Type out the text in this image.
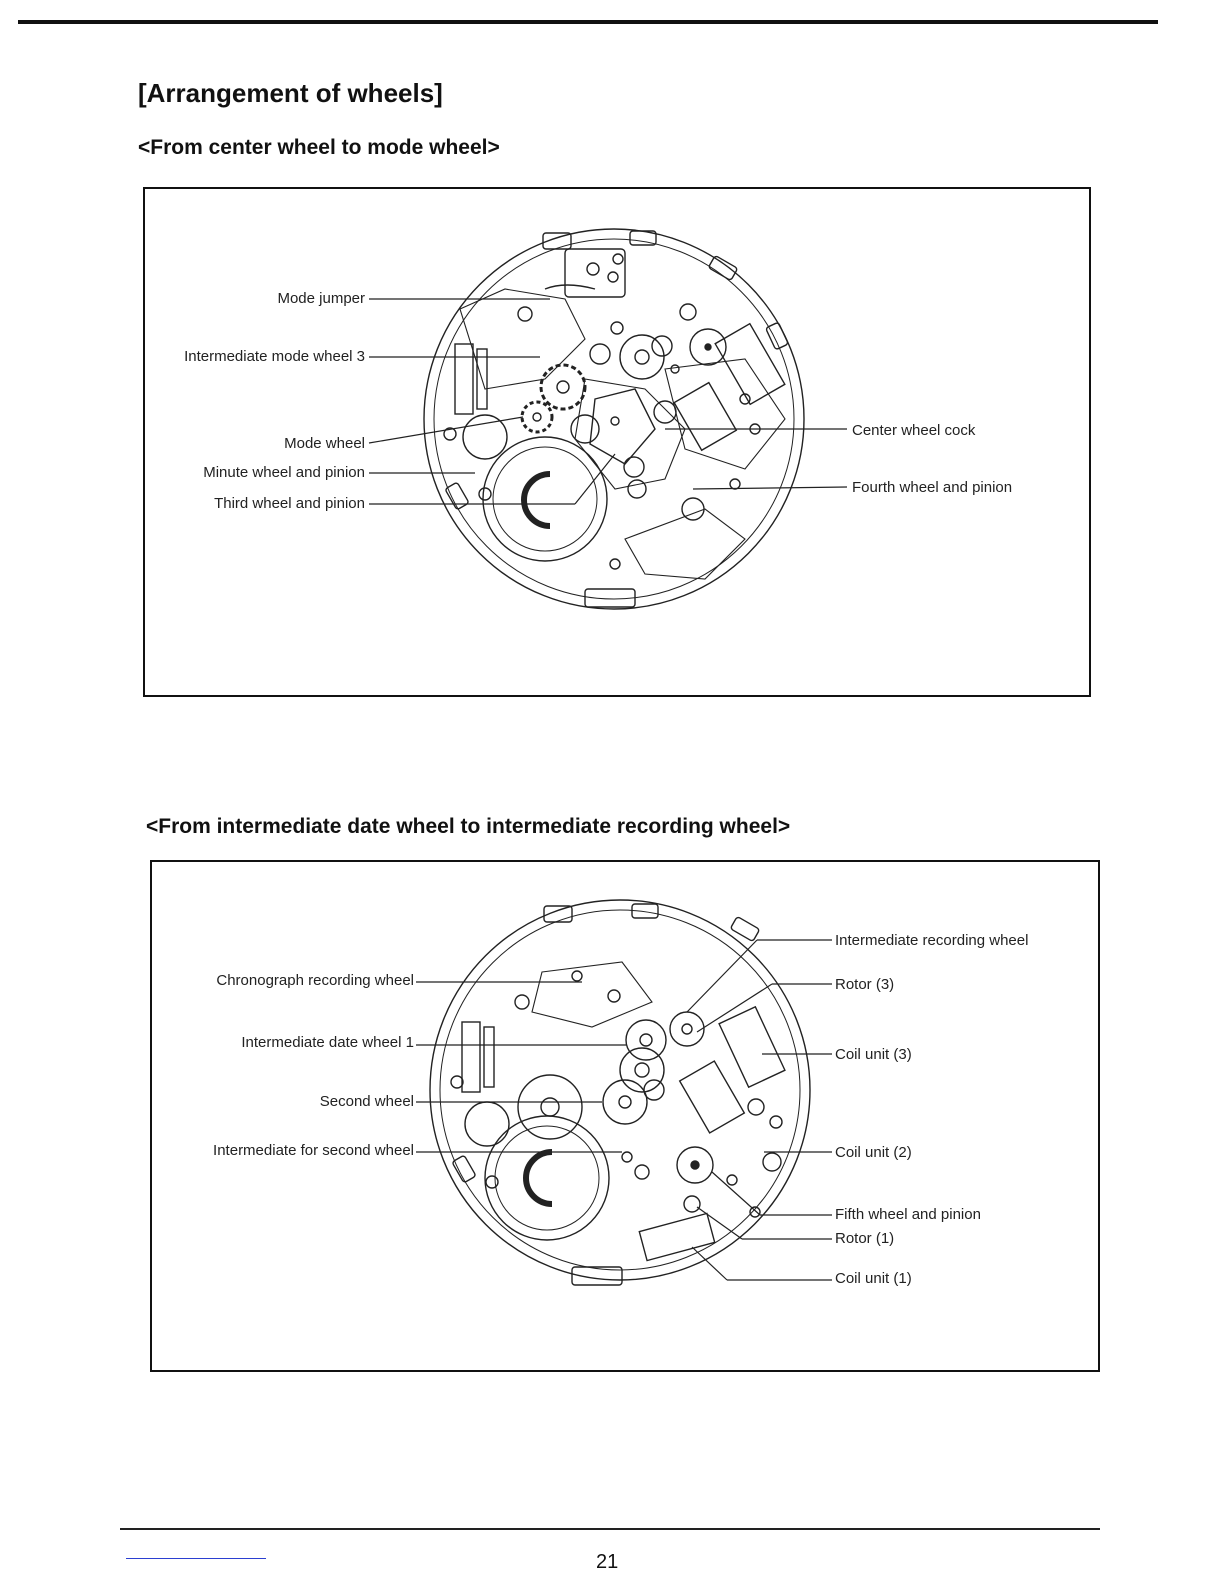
[Arrangement of wheels]
<From center wheel to mode wheel>
Mode jumper
Intermediate mode wheel 3
Mode wheel
Minute wheel and pinion
Third wheel and pinion
Center wheel cock
Fourth wheel and pinion
<From intermediate date wheel to intermediate recording wheel>
Chronograph recording wheel
Intermediate date wheel 1
Second wheel
Intermediate for second wheel
Intermediate recording wheel
Rotor (3)
Coil unit (3)
Coil unit (2)
Fifth wheel and pinion
Rotor (1)
Coil unit (1)
21
